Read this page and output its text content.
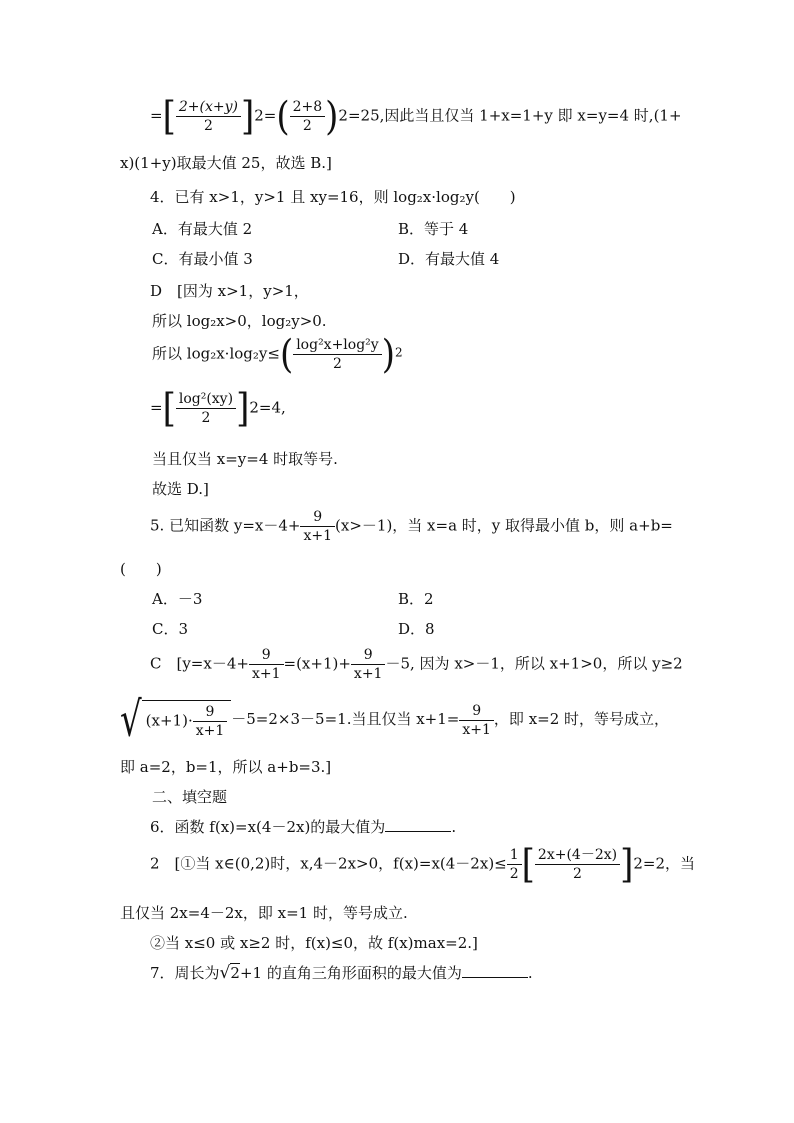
=[ $\frac{2+(x+y)}{2} ]2=( \frac{2+8}{2} )2=25$,因此当且仅当 1+x=1+y 即 x=y=4 时,(1+
x)(1+y)取最大值 25，故选 B.]
4．已有 x>1，y>1 且 xy=16，则 log₂x·log₂y(　　)
A．有最大值 2	B．等于 4
C．有最小值 3	D．有最大值 4
D　[因为 x>1，y>1，
所以 log₂x>0，log₂y>0.
所以 $\log_2x\cdot\log_2y\le( \frac{\text{log²x+log²y}}{2} )2$
=[ $\frac{\text{log²(xy)}}{2} ]2=4$,
当且仅当 x=y=4 时取等号.
故选 D.]
5. 已知函数 $y=x-4+ \frac{9}{x+1} (x>-1)$，当 x=a 时，y 取得最小值 b，则 a+b=
(　　)
A．－3	B．2
C．3	D．8
C　[$y=x-4+ \frac{9}{x+1} =(x+1)+ \frac{9}{x+1} -5$, 因为 x>－1，所以 x+1>0，所以 y≥2
√ $(x+1)\cdot \frac{9}{x+1} -5=2\times 3-5=1$.当且仅当 $x+1= \frac{9}{x+1}$ ，即 x=2 时，等号成立，
即 a=2，b=1，所以 a+b=3.]
二、填空题
6．函数 f(x)=x(4－2x)的最大值为	.
2　[①当 x∈(0,2)时，x,4－2x>0，$f(x)=x(4-2x)\le \frac{1}{2}$ [ $\frac{2x+(4-2x)}{2} ]2=2$，当
且仅当 2x=4－2x，即 x=1 时，等号成立.
②当 x≤0 或 x≥2 时，f(x)≤0，故 f(x)max=2.]
7．周长为√2+1 的直角三角形面积的最大值为	.
